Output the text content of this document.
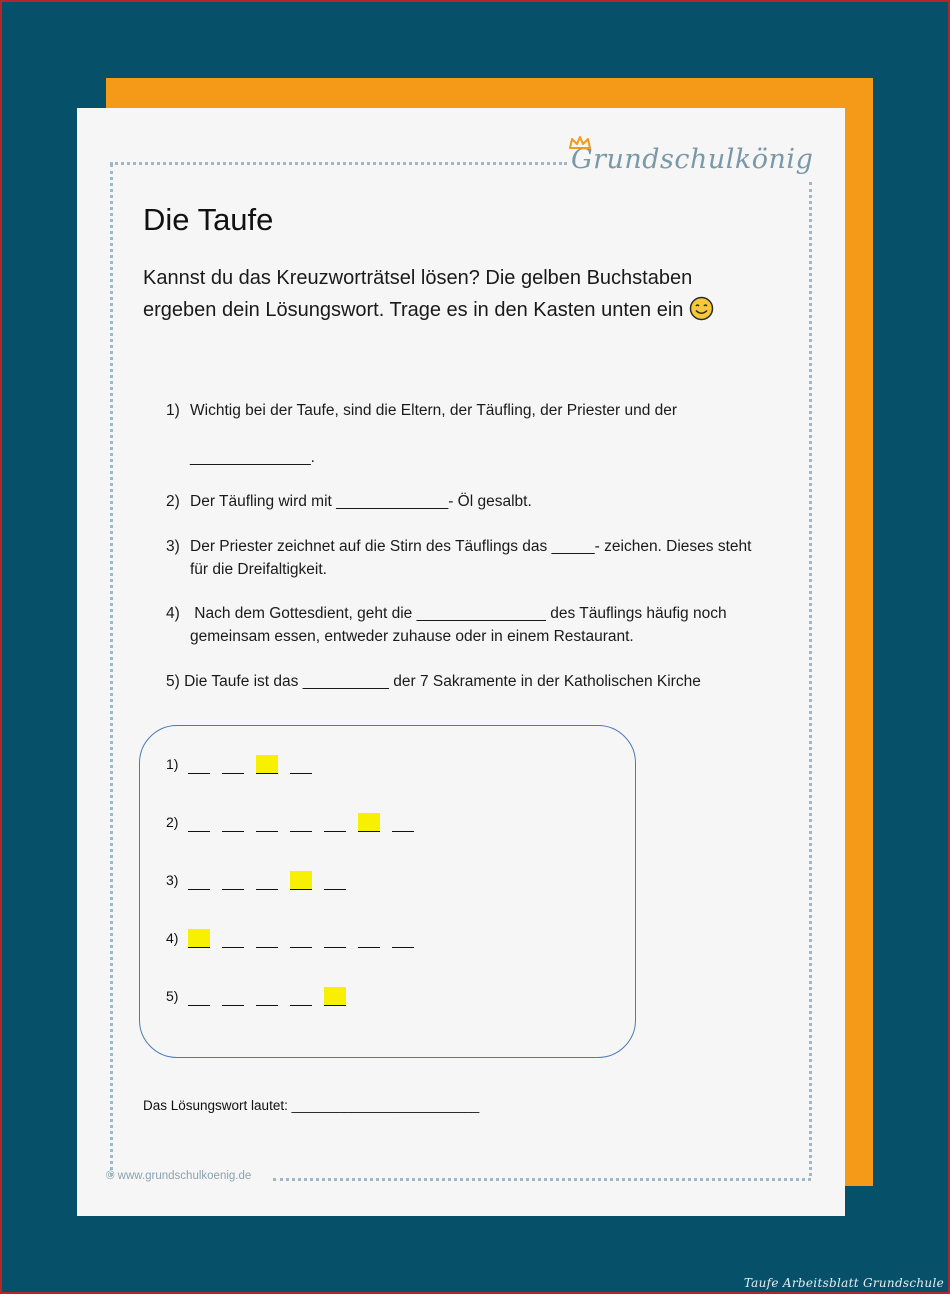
Grundschulkönig
Die Taufe
Kannst du das Kreuzworträtsel lösen? Die gelben Buchstaben
ergeben dein Lösungswort. Trage es in den Kasten unten ein
1) Wichtig bei der Taufe, sind die Eltern, der Täufling, der Priester und der
______________.
2) Der Täufling wird mit _____________- Öl gesalbt.
3) Der Priester zeichnet auf die Stirn des Täuflings das _____- zeichen. Dieses steht
für die Dreifaltigkeit.
4) Nach dem Gottesdient, geht die _______________ des Täuflings häufig noch
gemeinsam essen, entweder zuhause oder in einem Restaurant.
5) Die Taufe ist das __________ der 7 Sakramente in der Katholischen Kirche
1)
2)
3)
4)
5)
Das Lösungswort lautet: _________________________
© www.grundschulkoenig.de
Taufe Arbeitsblatt Grundschule
